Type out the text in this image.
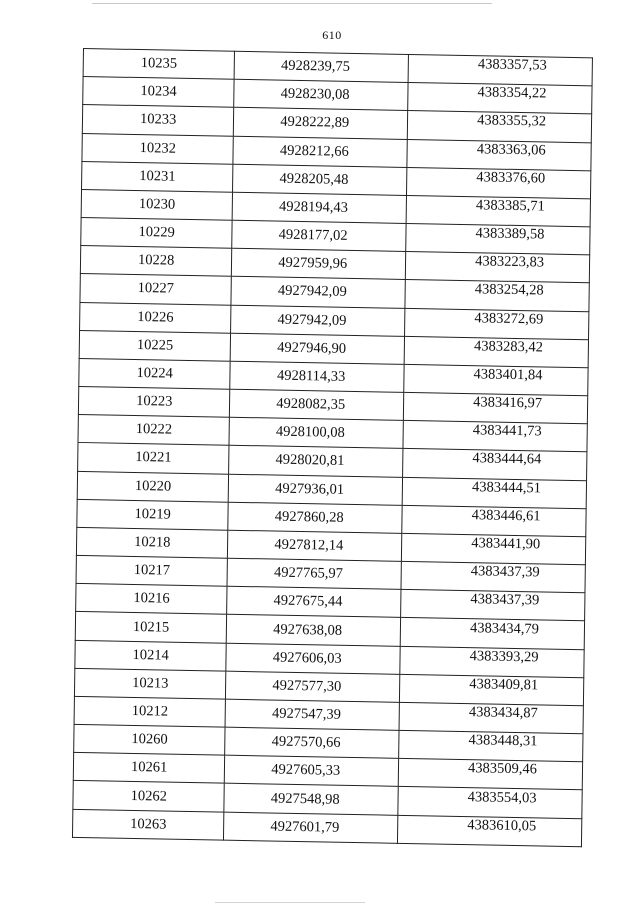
610
10235	4928239,75	4383357,53
10234	4928230,08	4383354,22
10233	4928222,89	4383355,32
10232	4928212,66	4383363,06
10231	4928205,48	4383376,60
10230	4928194,43	4383385,71
10229	4928177,02	4383389,58
10228	4927959,96	4383223,83
10227	4927942,09	4383254,28
10226	4927942,09	4383272,69
10225	4927946,90	4383283,42
10224	4928114,33	4383401,84
10223	4928082,35	4383416,97
10222	4928100,08	4383441,73
10221	4928020,81	4383444,64
10220	4927936,01	4383444,51
10219	4927860,28	4383446,61
10218	4927812,14	4383441,90
10217	4927765,97	4383437,39
10216	4927675,44	4383437,39
10215	4927638,08	4383434,79
10214	4927606,03	4383393,29
10213	4927577,30	4383409,81
10212	4927547,39	4383434,87
10260	4927570,66	4383448,31
10261	4927605,33	4383509,46
10262	4927548,98	4383554,03
10263	4927601,79	4383610,05
